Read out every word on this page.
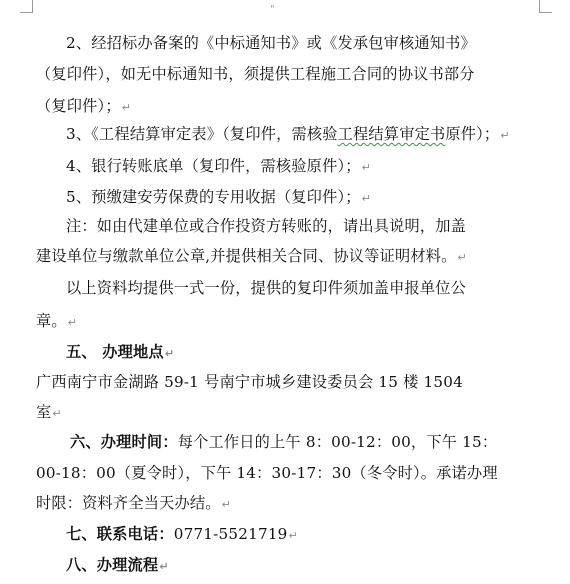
"
2、经招标办备案的《中标通知书》或《发承包审核通知书》
（复印件），如无中标通知书，须提供工程施工合同的协议书部分
（复印件）；↵
3、《工程结算审定表》（复印件，需核验工程结算审定书原件）；↵
4、银行转账底单（复印件，需核验原件）；↵
5、预缴建安劳保费的专用收据（复印件）；↵
注：如由代建单位或合作投资方转账的，请出具说明，加盖
建设单位与缴款单位公章,并提供相关合同、协议等证明材料。↵
以上资料均提供一式一份，提供的复印件须加盖申报单位公
章。↵
五、 办理地点↵
广西南宁市金湖路 59-1 号南宁市城乡建设委员会 15 楼 1504
室↵
六、办理时间：每个工作日的上午 8：00-12：00，下午 15：
00-18：00（夏令时），下午 14：30-17：30（冬令时）。承诺办理
时限：资料齐全当天办结。↵
七、联系电话：0771-5521719↵
八、办理流程↵
